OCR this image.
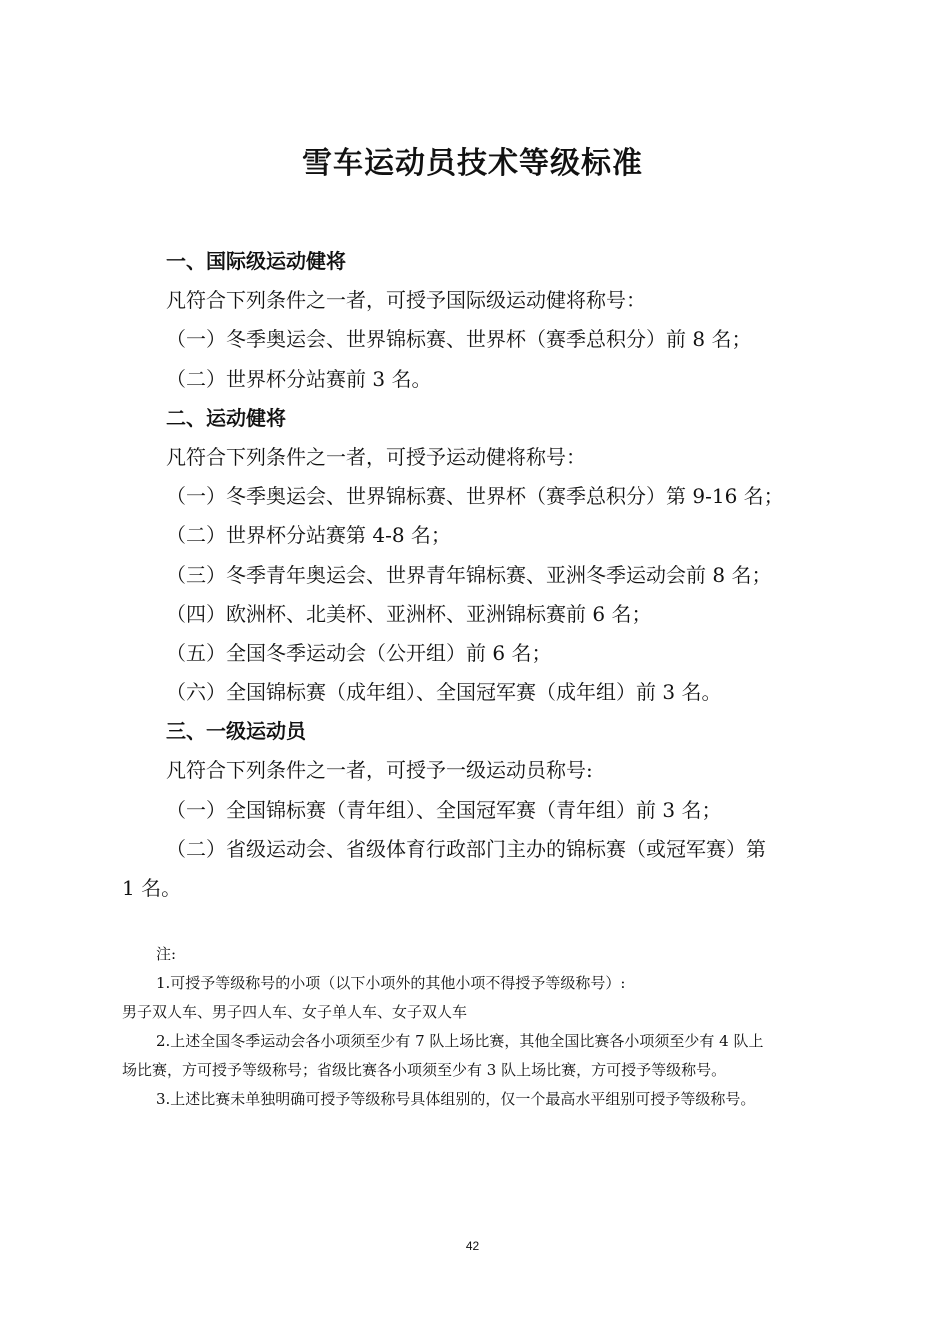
雪车运动员技术等级标准
一、国际级运动健将
凡符合下列条件之一者，可授予国际级运动健将称号：
（一）冬季奥运会、世界锦标赛、世界杯（赛季总积分）前 8 名；
（二）世界杯分站赛前 3 名。
二、运动健将
凡符合下列条件之一者，可授予运动健将称号：
（一）冬季奥运会、世界锦标赛、世界杯（赛季总积分）第 9-16 名；
（二）世界杯分站赛第 4-8 名；
（三）冬季青年奥运会、世界青年锦标赛、亚洲冬季运动会前 8 名；
（四）欧洲杯、北美杯、亚洲杯、亚洲锦标赛前 6 名；
（五）全国冬季运动会（公开组）前 6 名；
（六）全国锦标赛（成年组）、全国冠军赛（成年组）前 3 名。
三、一级运动员
凡符合下列条件之一者，可授予一级运动员称号:
（一）全国锦标赛（青年组）、全国冠军赛（青年组）前 3 名；
（二）省级运动会、省级体育行政部门主办的锦标赛（或冠军赛）第
1 名。
注:
1.可授予等级称号的小项（以下小项外的其他小项不得授予等级称号）:
男子双人车、男子四人车、女子单人车、女子双人车
2.上述全国冬季运动会各小项须至少有 7 队上场比赛，其他全国比赛各小项须至少有 4 队上
场比赛，方可授予等级称号；省级比赛各小项须至少有 3 队上场比赛，方可授予等级称号。
3.上述比赛未单独明确可授予等级称号具体组别的，仅一个最高水平组别可授予等级称号。
42
